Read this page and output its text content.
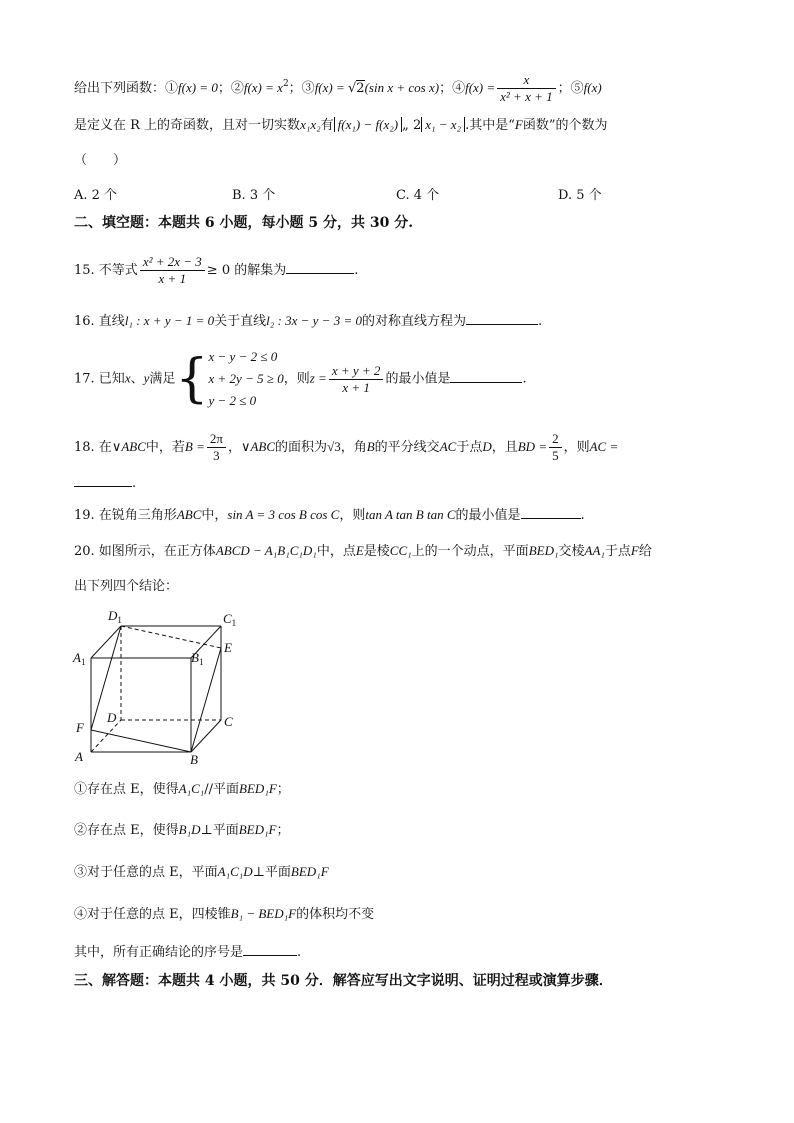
给出下列函数：①f(x) = 0；②f(x) = $x^2$；③f(x) = √2(sin x + cos x)；④f(x) = $\frac{x}{\text{x² + x + 1}}$ ；⑤f(x)
是定义在 R 上的奇函数，且对一切实数x₁x₂有 f(x₁) − f(x₂) „ 2 x₁ − x₂ .其中是“F函数”的个数为
（　　）
A. 2 个	B. 3 个	C. 4 个	D. 5 个
二、填空题：本题共 6 小题，每小题 5 分，共 30 分.
15. 不等式 $\frac{\text{x² + 2x − 3}}{x + 1} \ge 0$ 的解集为	.
16. 直线l₁ : x + y − 1 = 0关于直线l₂ : 3x − y − 3 = 0的对称直线方程为	.
17. 已知x、y满足{ x − y − 2 ≤ 0
x + 2y − 5 ≥ 0
y − 2 ≤ 0
，则$z = \frac{x + y + 2}{x + 1}$ 的最小值是	.
18. 在∨ABC中，若$B = \frac{2\pi}{3}$ ，∨ABC的面积为√3，角B的平分线交AC于点D，且BD = $\frac{2}{5}$ ，则AC =
.
19. 在锐角三角形ABC中，sin A = 3 cos B cos C，则tan A tan B tan C的最小值是	.
20. 如图所示，在正方体ABCD − A₁B₁C₁D₁中，点E是棱CC₁上的一个动点，平面BED₁交棱AA₁于点F给
出下列四个结论：
$D_1$	$C_1$
$A_1$	$B_1$
E
D	C
F
A	B
①存在点 E，使得A₁C₁//平面BED₁F；
②存在点 E，使得B₁D⊥平面BED₁F；
③对于任意的点 E，平面A₁C₁D⊥平面BED₁F
④对于任意的点 E，四棱锥B₁ − BED₁F的体积均不变
其中，所有正确结论的序号是	.
三、解答题：本题共 4 小题，共 50 分．解答应写出文字说明、证明过程或演算步骤．
